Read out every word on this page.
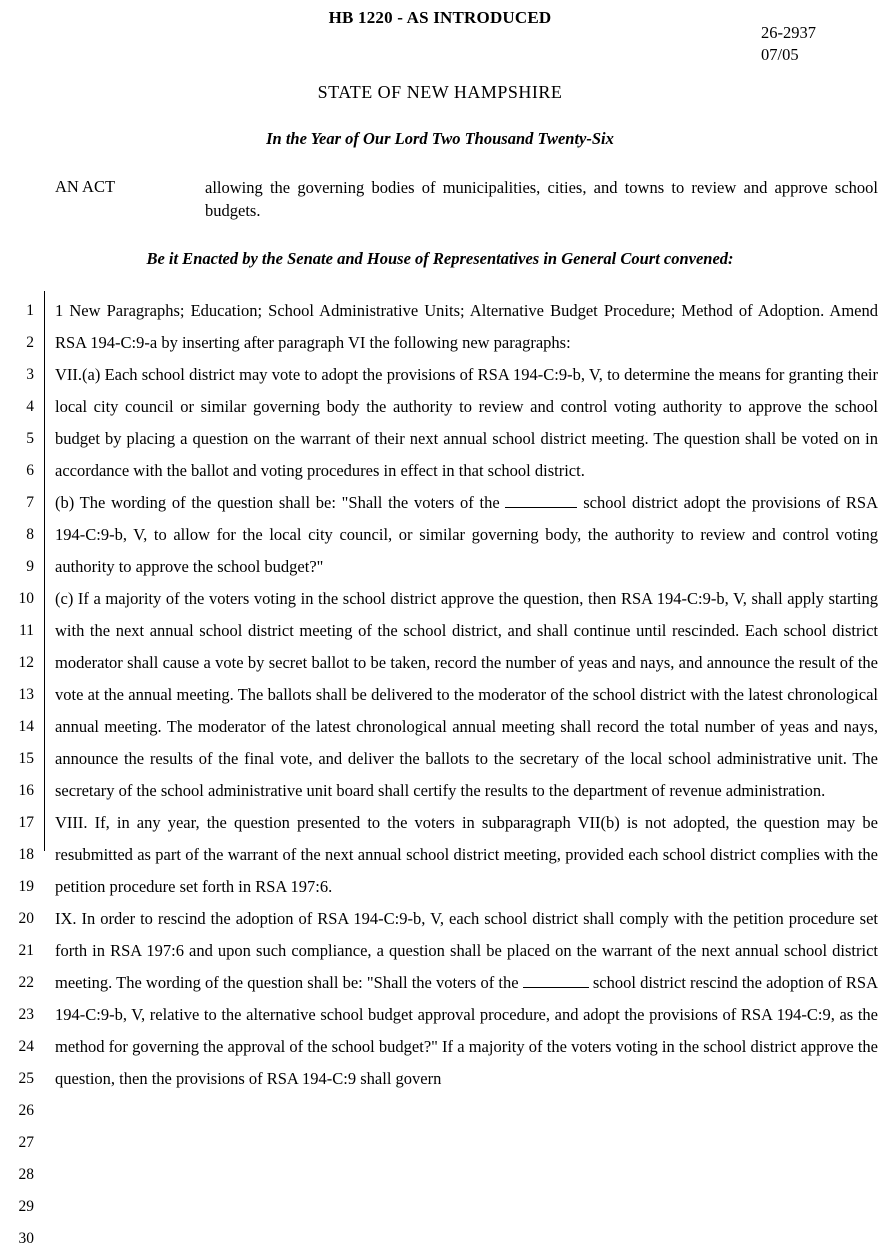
HB 1220 - AS INTRODUCED
26-2937
07/05
STATE OF NEW HAMPSHIRE
In the Year of Our Lord Two Thousand Twenty-Six
AN ACT	allowing the governing bodies of municipalities, cities, and towns to review and approve school budgets.
Be it Enacted by the Senate and House of Representatives in General Court convened:
1
2
3
4
5
6
7
8
9
10
11
12
13
14
15
16
17
18
19
20
21
22
23
24
25
26
27
28
29
30

1 New Paragraphs; Education; School Administrative Units; Alternative Budget Procedure; Method of Adoption. Amend RSA 194-C:9-a by inserting after paragraph VI the following new paragraphs:

VII.(a) Each school district may vote to adopt the provisions of RSA 194-C:9-b, V, to determine the means for granting their local city council or similar governing body the authority to review and control voting authority to approve the school budget by placing a question on the warrant of their next annual school district meeting. The question shall be voted on in accordance with the ballot and voting procedures in effect in that school district.

(b) The wording of the question shall be: "Shall the voters of the	school district adopt the provisions of RSA 194-C:9-b, V, to allow for the local city council, or similar governing body, the authority to review and control voting authority to approve the school budget?"

(c) If a majority of the voters voting in the school district approve the question, then RSA 194-C:9-b, V, shall apply starting with the next annual school district meeting of the school district, and shall continue until rescinded. Each school district moderator shall cause a vote by secret ballot to be taken, record the number of yeas and nays, and announce the result of the vote at the annual meeting. The ballots shall be delivered to the moderator of the school district with the latest chronological annual meeting. The moderator of the latest chronological annual meeting shall record the total number of yeas and nays, announce the results of the final vote, and deliver the ballots to the secretary of the local school administrative unit. The secretary of the school administrative unit board shall certify the results to the department of revenue administration.

VIII. If, in any year, the question presented to the voters in subparagraph VII(b) is not adopted, the question may be resubmitted as part of the warrant of the next annual school district meeting, provided each school district complies with the petition procedure set forth in RSA 197:6.

IX. In order to rescind the adoption of RSA 194-C:9-b, V, each school district shall comply with the petition procedure set forth in RSA 197:6 and upon such compliance, a question shall be placed on the warrant of the next annual school district meeting. The wording of the question shall be: "Shall the voters of the	school district rescind the adoption of RSA 194-C:9-b, V, relative to the alternative school budget approval procedure, and adopt the provisions of RSA 194-C:9, as the method for governing the approval of the school budget?" If a majority of the voters voting in the school district approve the question, then the provisions of RSA 194-C:9 shall govern
